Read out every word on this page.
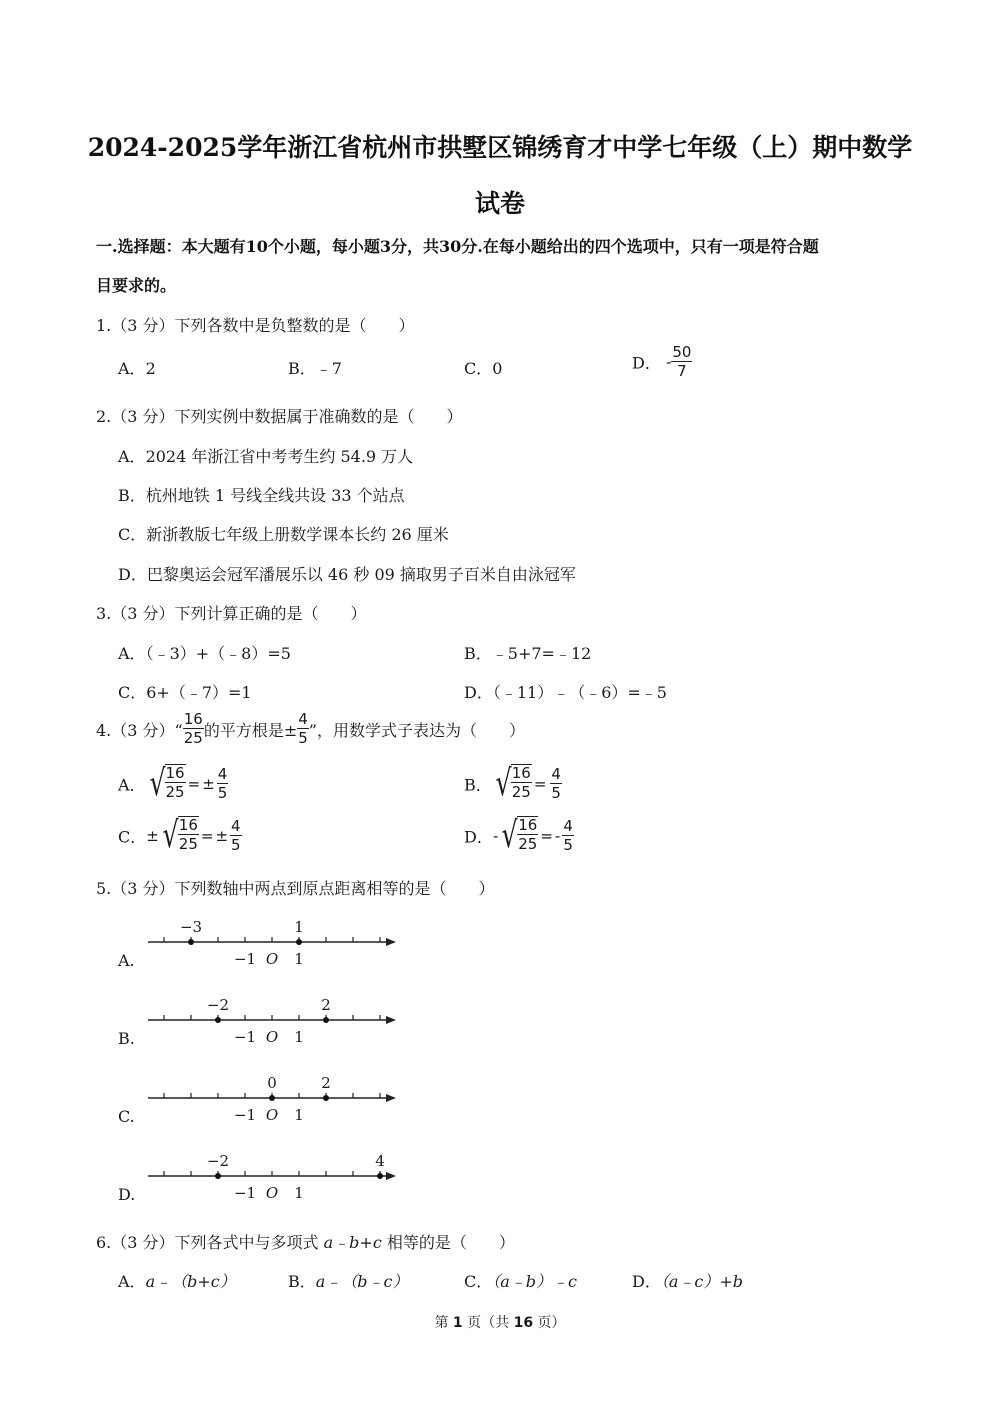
2024-2025学年浙江省杭州市拱墅区锦绣育才中学七年级（上）期中数学
试卷
一.选择题：本大题有10个小题，每小题3分，共30分.在每小题给出的四个选项中，只有一项是符合题
目要求的。
1.（3 分）下列各数中是负整数的是（　　）
A．2	B．﹣7	C．0	D． - $\frac{50}{7}$
2.（3 分）下列实例中数据属于准确数的是（　　）
A．2024 年浙江省中考考生约 54.9 万人
B．杭州地铁 1 号线全线共设 33 个站点
C．新浙教版七年级上册数学课本长约 26 厘米
D．巴黎奥运会冠军潘展乐以 46 秒 09 摘取男子百米自由泳冠军
3.（3 分）下列计算正确的是（　　）
A．（﹣3）+（﹣8）=5	B．﹣5+7=﹣12
C．6+（﹣7）=1	D．（﹣11）﹣（﹣6）=﹣5
4.（3 分）“ $\frac{16}{25}$ 的平方根是± $\frac{4}{5}$ ”，用数学式子表达为（　　）
A． √ $\frac{16}{25}$ = ± $\frac{4}{5}$	B． √ $\frac{16}{25} = \frac{4}{5}$
C．± √ $\frac{16}{25}$ = ± $\frac{4}{5}$	D．- √ $\frac{16}{25}$ = - $\frac{4}{5}$
5.（3 分）下列数轴中两点到原点距离相等的是（　　）
A.	−1 O 1
−3	1
B.	−1 O 1
−2	2
C.	−1 O 1
0	2
D.	−1 O 1
−2	4
6.（3 分）下列各式中与多项式 a﹣b+c 相等的是（　　）
A．a﹣（b+c）	B．a﹣（b﹣c）	C．（a﹣b）﹣c	D．（a﹣c）+b
第 1 页（共 16 页）
